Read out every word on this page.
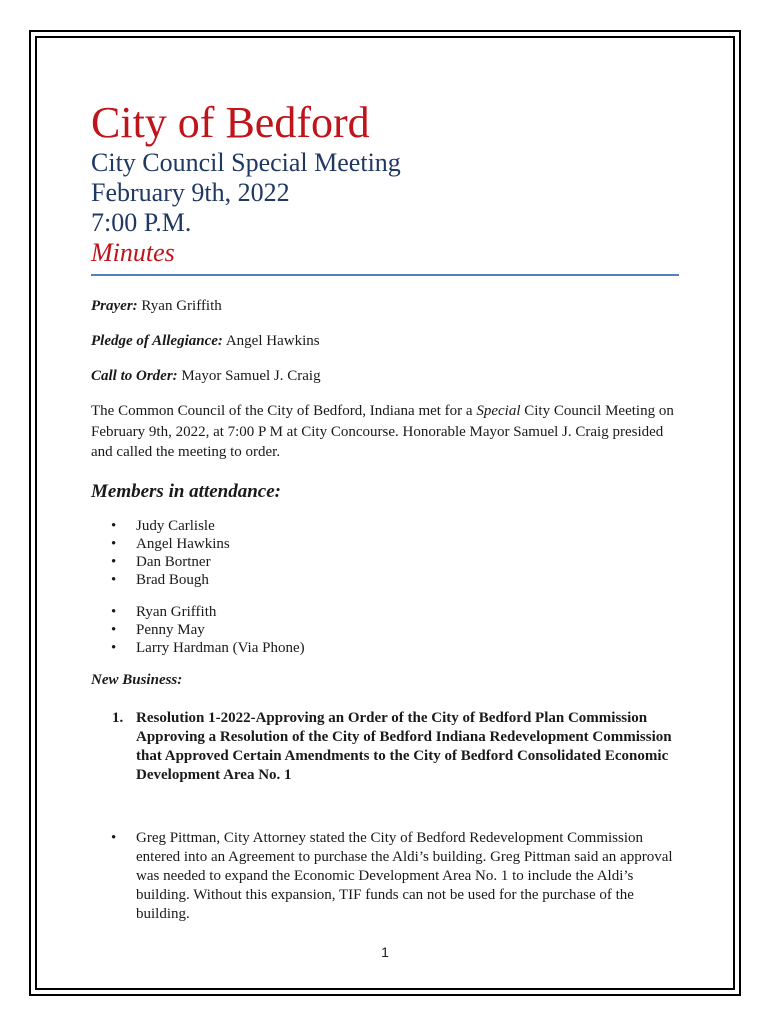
City of Bedford
City Council Special Meeting
February 9th, 2022
7:00 P.M.
Minutes

Prayer: Ryan Griffith

Pledge of Allegiance: Angel Hawkins

Call to Order: Mayor Samuel J. Craig

The Common Council of the City of Bedford, Indiana met for a Special City Council Meeting on February 9th, 2022, at 7:00 P M at City Concourse. Honorable Mayor Samuel J. Craig presided and called the meeting to order.

Members in attendance:
• Judy Carlisle
• Angel Hawkins
• Dan Bortner
• Brad Bough
• Ryan Griffith
• Penny May
• Larry Hardman (Via Phone)
New Business:
1. Resolution 1-2022-Approving an Order of the City of Bedford Plan Commission Approving a Resolution of the City of Bedford Indiana Redevelopment Commission that Approved Certain Amendments to the City of Bedford Consolidated Economic Development Area No. 1
• Greg Pittman, City Attorney stated the City of Bedford Redevelopment Commission entered into an Agreement to purchase the Aldi’s building. Greg Pittman said an approval was needed to expand the Economic Development Area No. 1 to include the Aldi’s building. Without this expansion, TIF funds can not be used for the purchase of the building.
1
